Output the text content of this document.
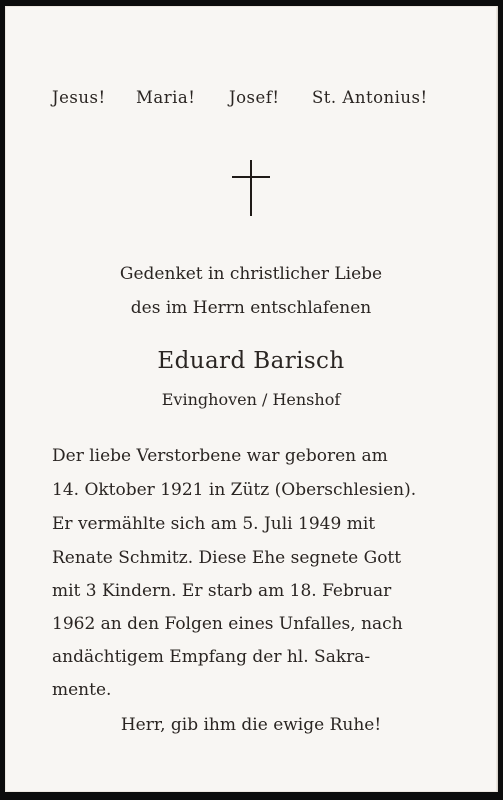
Jesus! Maria! Josef! St. Antonius!

Gedenket in christlicher Liebe

des im Herrn entschlafenen

Eduard Barisch

Evinghoven / Henshof

Der liebe Verstorbene war geboren am

14. Oktober 1921 in Zütz (Oberschlesien).

Er vermählte sich am 5. Juli 1949 mit

Renate Schmitz. Diese Ehe segnete Gott

mit 3 Kindern. Er starb am 18. Februar

1962 an den Folgen eines Unfalles, nach

andächtigem Empfang der hl. Sakra-

mente.

Herr, gib ihm die ewige Ruhe!
